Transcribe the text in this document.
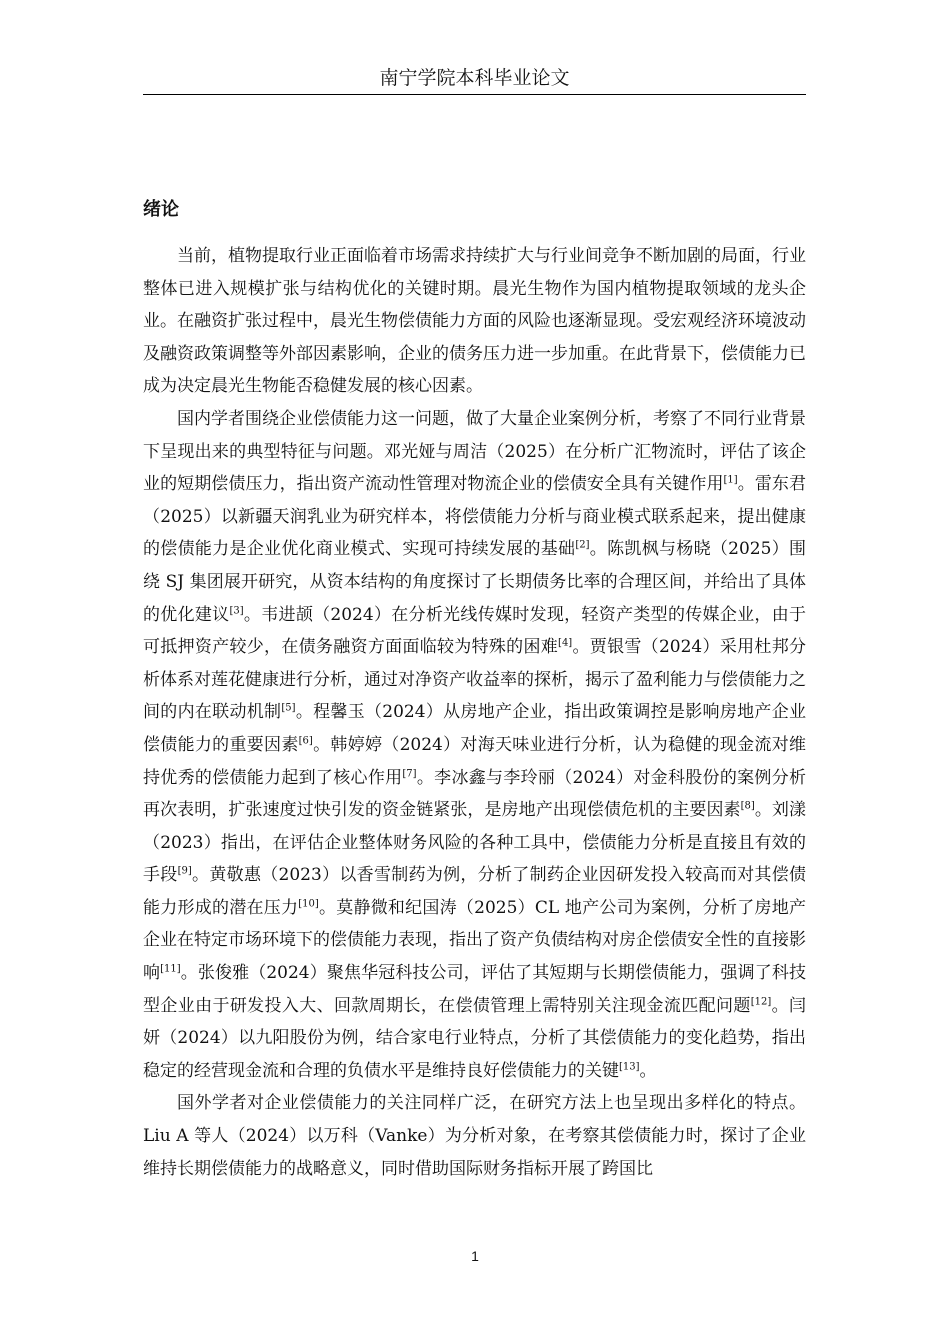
南宁学院本科毕业论文
绪论

当前，植物提取行业正面临着市场需求持续扩大与行业间竞争不断加剧的局面，行业整体已进入规模扩张与结构优化的关键时期。晨光生物作为国内植物提取领域的龙头企业。在融资扩张过程中，晨光生物偿债能力方面的风险也逐渐显现。受宏观经济环境波动及融资政策调整等外部因素影响，企业的债务压力进一步加重。在此背景下，偿债能力已成为决定晨光生物能否稳健发展的核心因素。

国内学者围绕企业偿债能力这一问题，做了大量企业案例分析，考察了不同行业背景下呈现出来的典型特征与问题。邓光娅与周洁（2025）在分析广汇物流时，评估了该企业的短期偿债压力，指出资产流动性管理对物流企业的偿债安全具有关键作用[1]。雷东君（2025）以新疆天润乳业为研究样本，将偿债能力分析与商业模式联系起来，提出健康的偿债能力是企业优化商业模式、实现可持续发展的基础[2]。陈凯枫与杨晓（2025）围绕 SJ 集团展开研究，从资本结构的角度探讨了长期债务比率的合理区间，并给出了具体的优化建议[3]。韦进颉（2024）在分析光线传媒时发现，轻资产类型的传媒企业，由于可抵押资产较少，在债务融资方面面临较为特殊的困难[4]。贾银雪（2024）采用杜邦分析体系对莲花健康进行分析，通过对净资产收益率的探析，揭示了盈利能力与偿债能力之间的内在联动机制[5]。程馨玉（2024）从房地产企业，指出政策调控是影响房地产企业偿债能力的重要因素[6]。韩婷婷（2024）对海天味业进行分析，认为稳健的现金流对维持优秀的偿债能力起到了核心作用[7]。李冰鑫与李玲丽（2024）对金科股份的案例分析再次表明，扩张速度过快引发的资金链紧张，是房地产出现偿债危机的主要因素[8]。刘漾（2023）指出，在评估企业整体财务风险的各种工具中，偿债能力分析是直接且有效的手段[9]。黄敬惠（2023）以香雪制药为例，分析了制药企业因研发投入较高而对其偿债能力形成的潜在压力[10]。莫静微和纪国涛（2025）CL 地产公司为案例，分析了房地产企业在特定市场环境下的偿债能力表现，指出了资产负债结构对房企偿债安全性的直接影响[11]。张俊雅（2024）聚焦华冠科技公司，评估了其短期与长期偿债能力，强调了科技型企业由于研发投入大、回款周期长，在偿债管理上需特别关注现金流匹配问题[12]。闫妍（2024）以九阳股份为例，结合家电行业特点，分析了其偿债能力的变化趋势，指出稳定的经营现金流和合理的负债水平是维持良好偿债能力的关键[13]。

国外学者对企业偿债能力的关注同样广泛，在研究方法上也呈现出多样化的特点。Liu A 等人（2024）以万科（Vanke）为分析对象，在考察其偿债能力时，探讨了企业维持长期偿债能力的战略意义，同时借助国际财务指标开展了跨国比

1
